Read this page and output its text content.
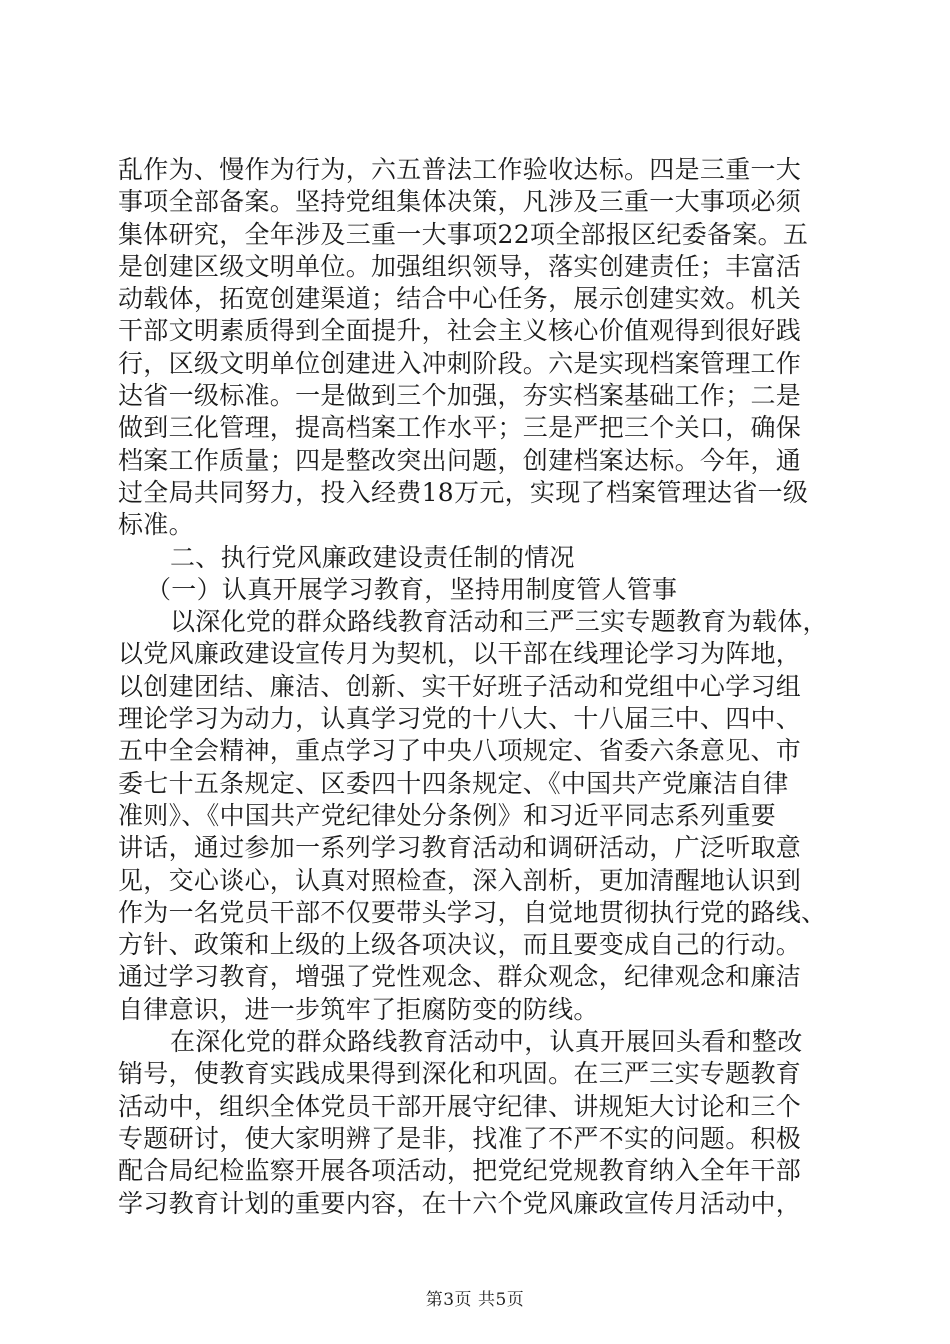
乱作为、慢作为行为，六五普法工作验收达标。四是三重一大
事项全部备案。坚持党组集体决策，凡涉及三重一大事项必须
集体研究，全年涉及三重一大事项22项全部报区纪委备案。五
是创建区级文明单位。加强组织领导，落实创建责任；丰富活
动载体，拓宽创建渠道；结合中心任务，展示创建实效。机关
干部文明素质得到全面提升，社会主义核心价值观得到很好践
行，区级文明单位创建进入冲刺阶段。六是实现档案管理工作
达省一级标准。一是做到三个加强，夯实档案基础工作；二是
做到三化管理，提高档案工作水平；三是严把三个关口，确保
档案工作质量；四是整改突出问题，创建档案达标。今年，通
过全局共同努力，投入经费18万元，实现了档案管理达省一级
标准。
二、执行党风廉政建设责任制的情况
（一）认真开展学习教育，坚持用制度管人管事
以深化党的群众路线教育活动和三严三实专题教育为载体，
以党风廉政建设宣传月为契机，以干部在线理论学习为阵地，
以创建团结、廉洁、创新、实干好班子活动和党组中心学习组
理论学习为动力，认真学习党的十八大、十八届三中、四中、
五中全会精神，重点学习了中央八项规定、省委六条意见、市
委七十五条规定、区委四十四条规定、《中国共产党廉洁自律
准则》、《中国共产党纪律处分条例》和习近平同志系列重要
讲话，通过参加一系列学习教育活动和调研活动，广泛听取意
见，交心谈心，认真对照检查，深入剖析，更加清醒地认识到
作为一名党员干部不仅要带头学习，自觉地贯彻执行党的路线、
方针、政策和上级的上级各项决议，而且要变成自己的行动。
通过学习教育，增强了党性观念、群众观念，纪律观念和廉洁
自律意识，进一步筑牢了拒腐防变的防线。
在深化党的群众路线教育活动中，认真开展回头看和整改
销号，使教育实践成果得到深化和巩固。在三严三实专题教育
活动中，组织全体党员干部开展守纪律、讲规矩大讨论和三个
专题研讨，使大家明辨了是非，找准了不严不实的问题。积极
配合局纪检监察开展各项活动，把党纪党规教育纳入全年干部
学习教育计划的重要内容，在十六个党风廉政宣传月活动中，
第3页 共5页
